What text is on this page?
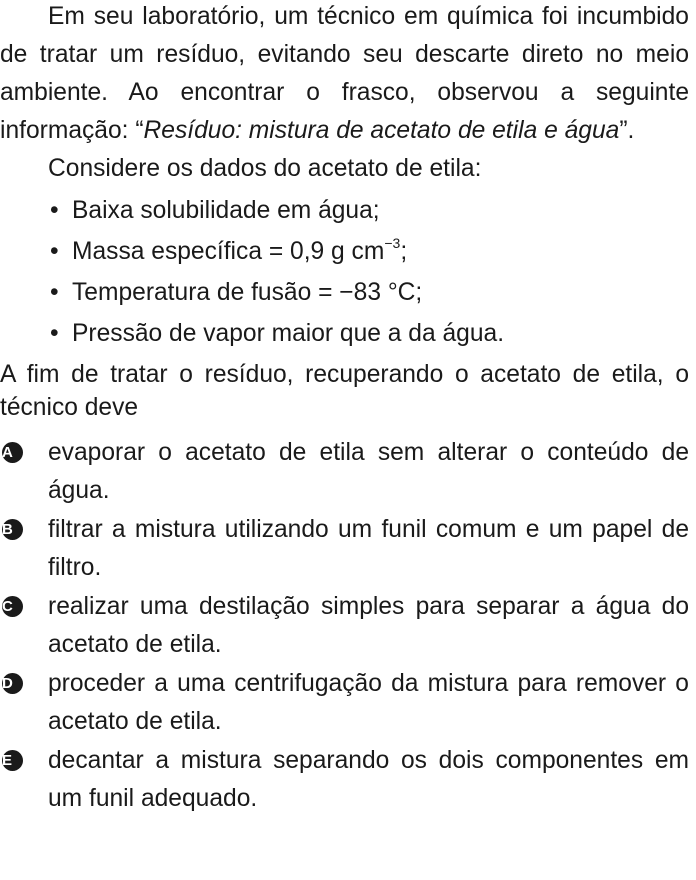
Em seu laboratório, um técnico em química foi incumbido de tratar um resíduo, evitando seu descarte direto no meio ambiente. Ao encontrar o frasco, observou a seguinte informação: “Resíduo: mistura de acetato de etila e água”.

Considere os dados do acetato de etila:

• Baixa solubilidade em água;
• Massa específica = 0,9 g $cm^{-3}$;
• Temperatura de fusão = −83 °C;
• Pressão de vapor maior que a da água.

A fim de tratar o resíduo, recuperando o acetato de etila, o técnico deve

A	evaporar o acetato de etila sem alterar o conteúdo de água.
B	filtrar a mistura utilizando um funil comum e um papel de filtro.
C	realizar uma destilação simples para separar a água do acetato de etila.
D	proceder a uma centrifugação da mistura para remover o acetato de etila.
E	decantar a mistura separando os dois componentes em um funil adequado.
